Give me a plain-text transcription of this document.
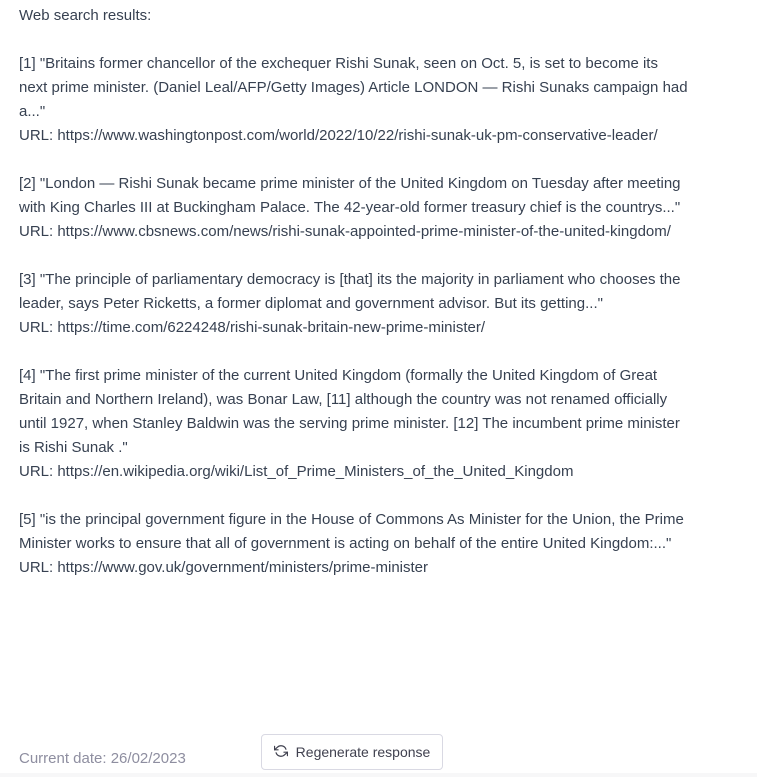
Web search results:

[1] "Britains former chancellor of the exchequer Rishi Sunak, seen on Oct. 5, is set to become its next prime minister. (Daniel Leal/AFP/Getty Images) Article LONDON — Rishi Sunaks campaign had a..."

URL: https://www.washingtonpost.com/world/2022/10/22/rishi-sunak-uk-pm-conservative-leader/

[2] "London — Rishi Sunak became prime minister of the United Kingdom on Tuesday after meeting with King Charles III at Buckingham Palace. The 42-year-old former treasury chief is the countrys..."

URL: https://www.cbsnews.com/news/rishi-sunak-appointed-prime-minister-of-the-united-kingdom/

[3] "The principle of parliamentary democracy is [that] its the majority in parliament who chooses the leader, says Peter Ricketts, a former diplomat and government advisor. But its getting..."

URL: https://time.com/6224248/rishi-sunak-britain-new-prime-minister/

[4] "The first prime minister of the current United Kingdom (formally the United Kingdom of Great Britain and Northern Ireland), was Bonar Law, [11] although the country was not renamed officially until 1927, when Stanley Baldwin was the serving prime minister. [12] The incumbent prime minister is Rishi Sunak ."

URL: https://en.wikipedia.org/wiki/List_of_Prime_Ministers_of_the_United_Kingdom

[5] "is the principal government figure in the House of Commons As Minister for the Union, the Prime Minister works to ensure that all of government is acting on behalf of the entire United Kingdom:..."

URL: https://www.gov.uk/government/ministers/prime-minister

Current date: 26/02/2023	Regenerate response
